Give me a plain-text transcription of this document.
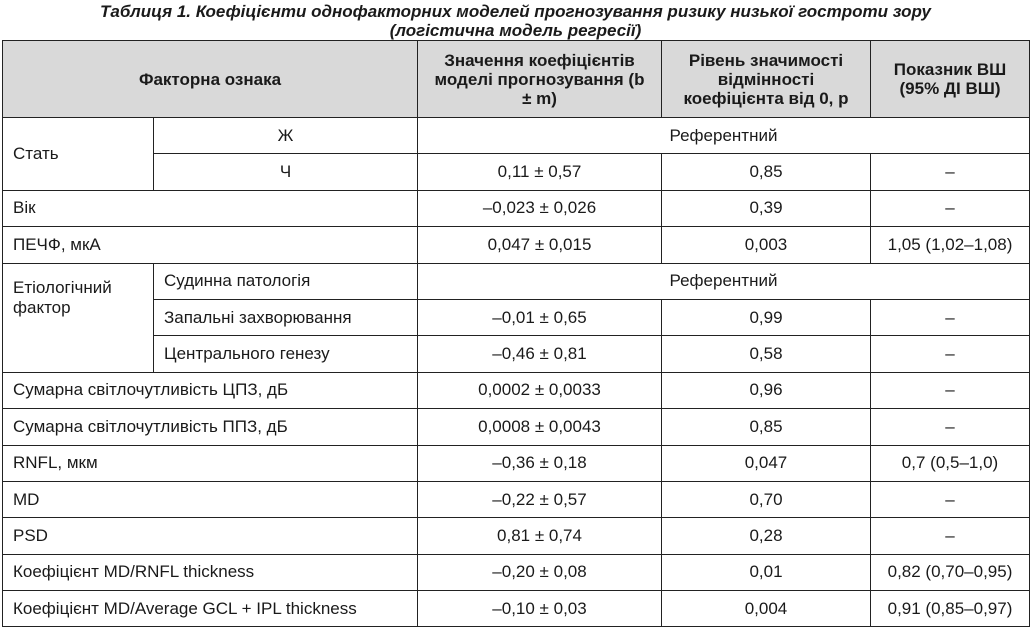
Таблиця 1. Коефіцієнти однофакторних моделей прогнозування ризику низької гостроти зору
(логістична модель регресії)
Факторна ознака		Значення коефіцієнтів моделі прогнозування (b ± m)	Рівень значимості відмінності коефіцієнта від 0, p	Показник ВШ (95% ДІ ВШ)
Стать	Ж	Референтний		
	Ч	0,11 ± 0,57	0,85	–
Вік		–0,023 ± 0,026	0,39	–
ПЕЧФ, мкА		0,047 ± 0,015	0,003	1,05 (1,02–1,08)
Етіологічний фактор	Судинна патологія	Референтний		
	Запальні захворювання	–0,01 ± 0,65	0,99	–
	Центрального генезу	–0,46 ± 0,81	0,58	–
Сумарна світлочутливість ЦПЗ, дБ		0,0002 ± 0,0033	0,96	–
Сумарна світлочутливість ППЗ, дБ		0,0008 ± 0,0043	0,85	–
RNFL, мкм		–0,36 ± 0,18	0,047	0,7 (0,5–1,0)
MD		–0,22 ± 0,57	0,70	–
PSD		0,81 ± 0,74	0,28	–
Коефіцієнт MD/RNFL thickness		–0,20 ± 0,08	0,01	0,82 (0,70–0,95)
Коефіцієнт MD/Average GCL + IPL thickness		–0,10 ± 0,03	0,004	0,91 (0,85–0,97)
